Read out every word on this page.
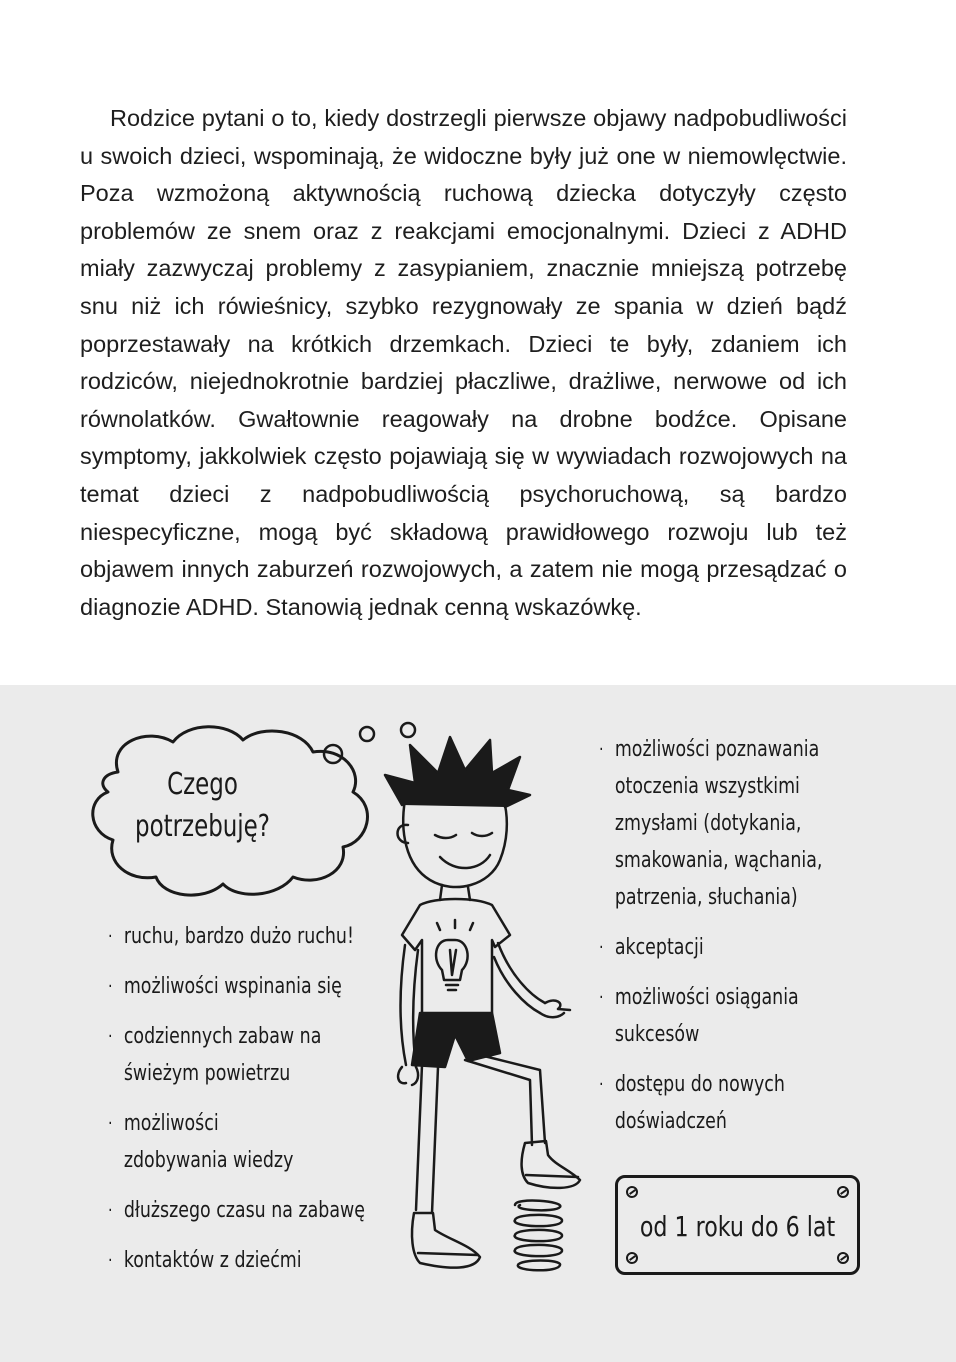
Rodzice pytani o to, kiedy dostrzegli pierwsze objawy nadpobudliwości u swoich dzieci, wspominają, że widoczne były już one w niemowlęctwie. Poza wzmożoną aktywnością ruchową dziecka dotyczyły często problemów ze snem oraz z reakcjami emocjonalnymi. Dzieci z ADHD miały zazwyczaj problemy z zasypianiem, znacznie mniejszą potrzebę snu niż ich rówieśnicy, szybko rezygnowały ze spania w dzień bądź poprzestawały na krótkich drzemkach. Dzieci te były, zdaniem ich rodziców, niejednokrotnie bardziej płaczliwe, drażliwe, nerwowe od ich równolatków. Gwałtownie reagowały na drobne bodźce. Opisane symptomy, jakkolwiek często pojawiają się w wywiadach rozwojowych na temat dzieci z nadpobudliwością psychoruchową, są bardzo niespecyficzne, mogą być składową prawidłowego rozwoju lub też objawem innych zaburzeń rozwojowych, a zatem nie mogą przesądzać o diagnozie ADHD. Stanowią jednak cenną wskazówkę.

Czego
potrzebuję?
· ruchu, bardzo dużo ruchu!
· możliwości wspinania się
· codziennych zabaw na świeżym powietrzu
· możliwości zdobywania wiedzy
· dłuższego czasu na zabawę
· kontaktów z dziećmi
· możliwości poznawania otoczenia wszystkimi zmysłami (dotykania, smakowania, wąchania, patrzenia, słuchania)
· akceptacji
· możliwości osiągania sukcesów
· dostępu do nowych doświadczeń
od 1 roku do 6 lat
